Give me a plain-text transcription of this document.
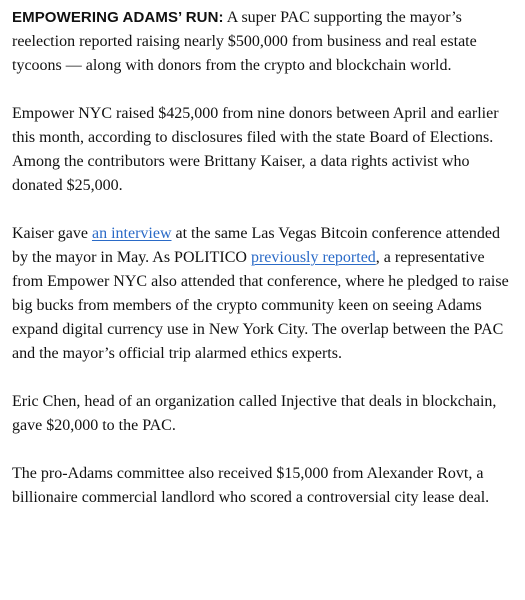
EMPOWERING ADAMS’ RUN: A super PAC supporting the mayor’s reelection reported raising nearly $500,000 from business and real estate tycoons — along with donors from the crypto and blockchain world.

Empower NYC raised $425,000 from nine donors between April and earlier this month, according to disclosures filed with the state Board of Elections. Among the contributors were Brittany Kaiser, a data rights activist who donated $25,000.

Kaiser gave an interview at the same Las Vegas Bitcoin conference attended by the mayor in May. As POLITICO previously reported, a representative from Empower NYC also attended that conference, where he pledged to raise big bucks from members of the crypto community keen on seeing Adams expand digital currency use in New York City. The overlap between the PAC and the mayor’s official trip alarmed ethics experts.

Eric Chen, head of an organization called Injective that deals in blockchain, gave $20,000 to the PAC.

The pro-Adams committee also received $15,000 from Alexander Rovt, a billionaire commercial landlord who scored a controversial city lease deal.
